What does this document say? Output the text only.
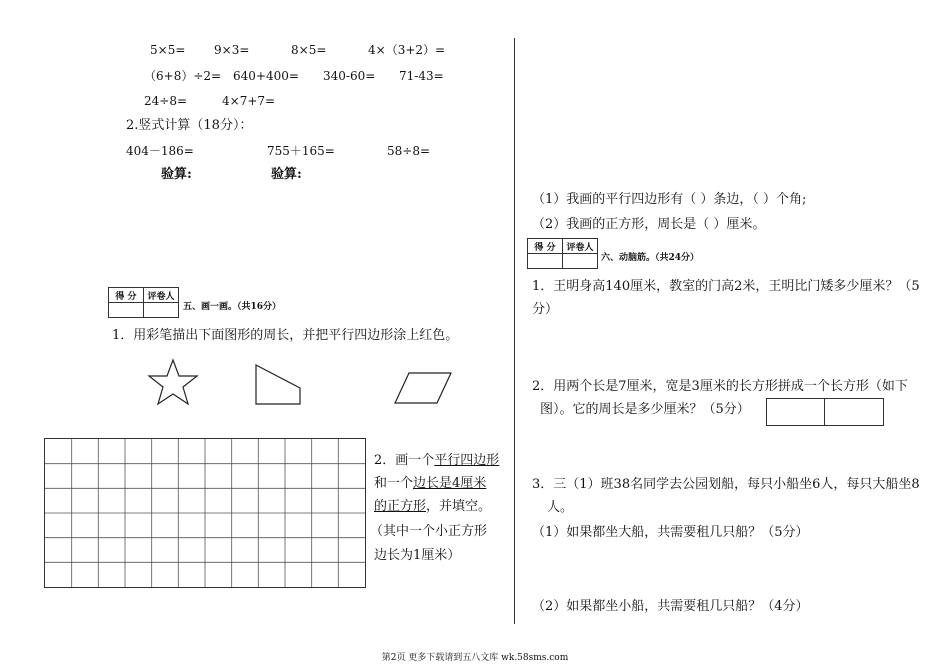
5×5= 9×3=	8×5=	4×（3+2）=
（6+8）÷2= 640+400= 340-60= 71-43=
24÷8=	4×7+7=
2.竖式计算（18分）：
404－186=	755＋165=	58÷8=
验算:	验算:
得 分	评卷人

五、画一画。（共16分）
1．用彩笔描出下面图形的周长，并把平行四边形涂上红色。
2．画一个平行四边形
和一个边长是4厘米
的正方形，并填空。
（其中一个小正方形
边长为1厘米）
（1）我画的平行四边形有（ ）条边，（ ）个角;
（2）我画的正方形，周长是（ ）厘米。
得 分	评卷人

六、动脑筋。（共24分）
1．王明身高140厘米，教室的门高2米，王明比门矮多少厘米？（5
分）
2．用两个长是7厘米，宽是3厘米的长方形拼成一个长方形（如下
图）。它的周长是多少厘米？（5分）
3．三（1）班38名同学去公园划船，每只小船坐6人，每只大船坐8
人。
（1）如果都坐大船，共需要租几只船？（5分）
（2）如果都坐小船，共需要租几只船？（4分）
第2页 更多下载请到五八文库 wk.58sms.com
